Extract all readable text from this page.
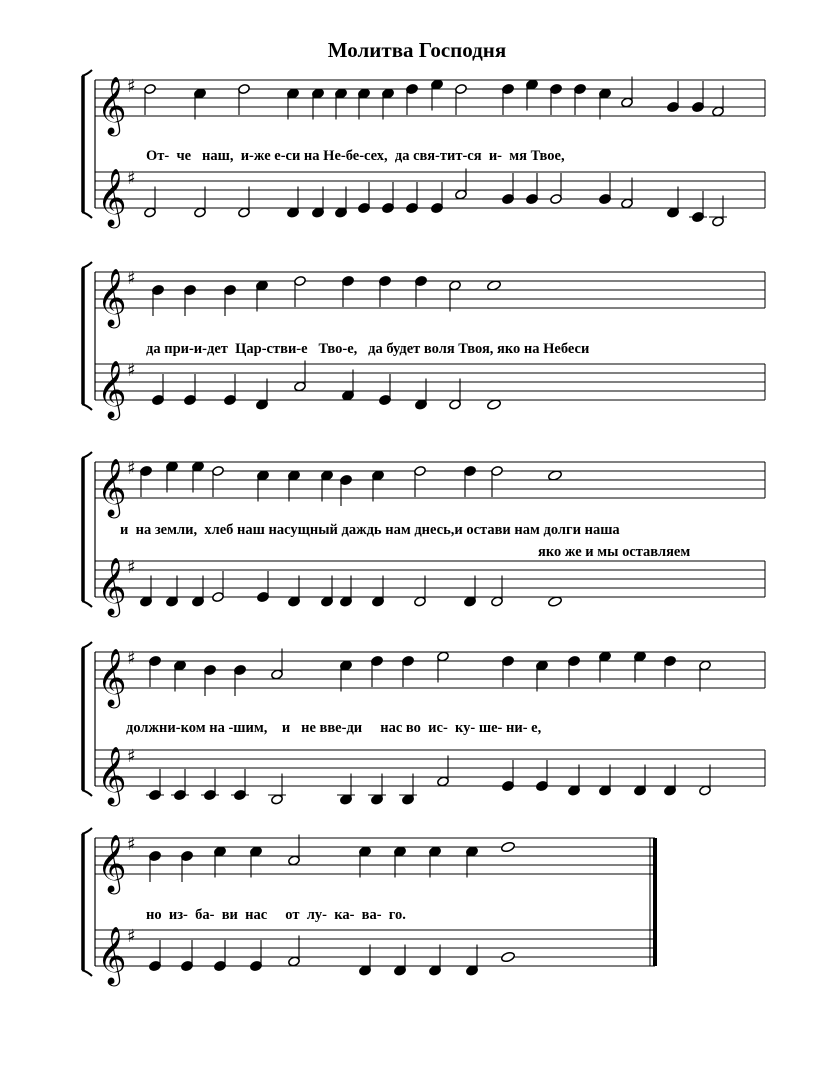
Молитва Господня
𝄞 ♯
𝄞 ♯
𝄞 ♯
𝄞 ♯
𝄞 ♯
𝄞 ♯
𝄞 ♯
𝄞 ♯
𝄞 ♯
𝄞 ♯
От-  че   наш,  и-же е-си на Не-бе-сех,  да свя-тит-ся  и-  мя Твое,
да при-и-дет  Цар-стви-е   Тво-е,   да будет воля Твоя, яко на Небеси
и  на земли,  хлеб наш насущный даждь нам днесь,и остави нам долги наша
яко же и мы оставляем
должни-ком на -шим,    и   не вве-ди     нас во  ис-  ку- ше- ни- е,
но  из-  ба-  ви  нас     от  лу-  ка-  ва-  го.
